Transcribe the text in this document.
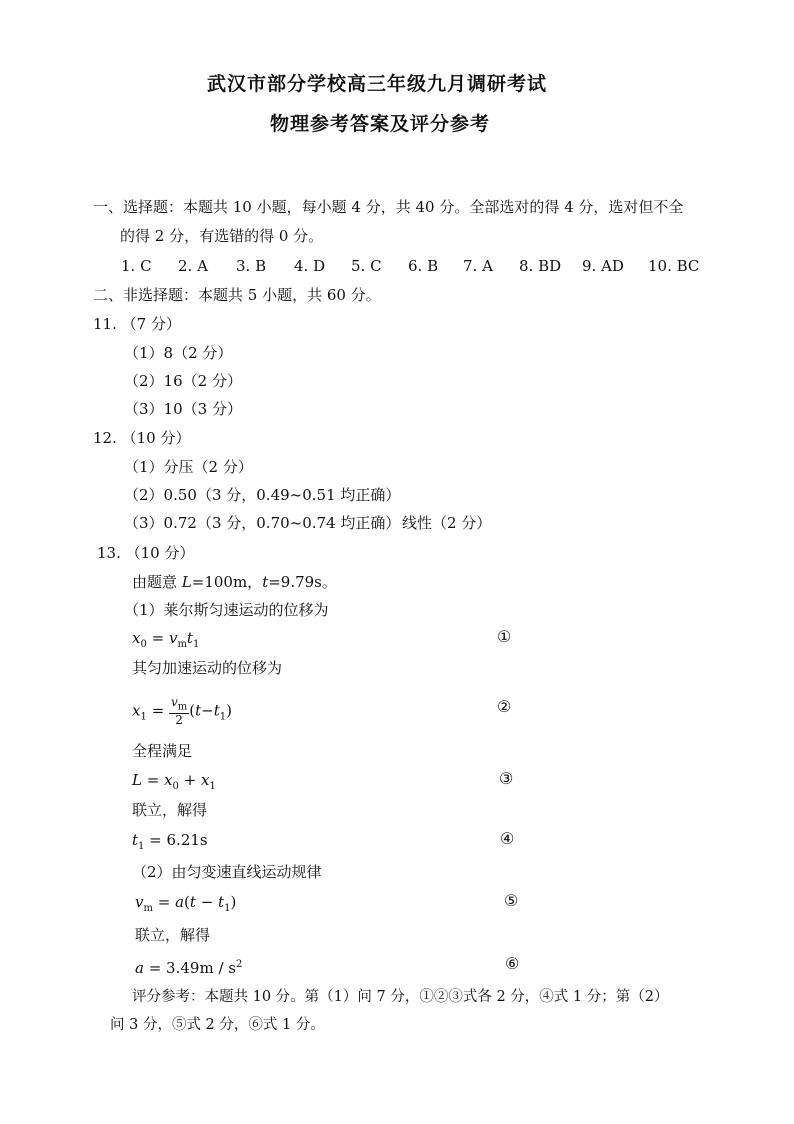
武汉市部分学校高三年级九月调研考试
物理参考答案及评分参考
一、选择题：本题共 10 小题，每小题 4 分，共 40 分。全部选对的得 4 分，选对但不全
的得 2 分，有选错的得 0 分。
1. C 2. A 3. B 4. D 5. C 6. B 7. A 8. BD 9. AD 10. BC
二、非选择题：本题共 5 小题，共 60 分。
11. （7 分）
（1）8（2 分）
（2）16（2 分）
（3）10（3 分）
12. （10 分）
（1）分压（2 分）
（2）0.50（3 分，0.49~0.51 均正确）
（3）0.72（3 分，0.70~0.74 均正确） 线性（2 分）
13. （10 分）
由题意 L=100m，t=9.79s。
（1）莱尔斯匀速运动的位移为
$x_0 = v_mt_1$	①
其匀加速运动的位移为
$x_1 = \frac{v_m}{2} (t-t_1)$	②
全程满足
$L = x_0 + x_1$	③
联立，解得
$t_1 = 6.21s$	④
（2）由匀变速直线运动规律
$v_m = a(t - t_1)$	⑤
联立，解得
$a = 3.49m / s^2$	⑥
评分参考：本题共 10 分。第（1）问 7 分，①②③式各 2 分，④式 1 分；第（2）
问 3 分，⑤式 2 分，⑥式 1 分。
